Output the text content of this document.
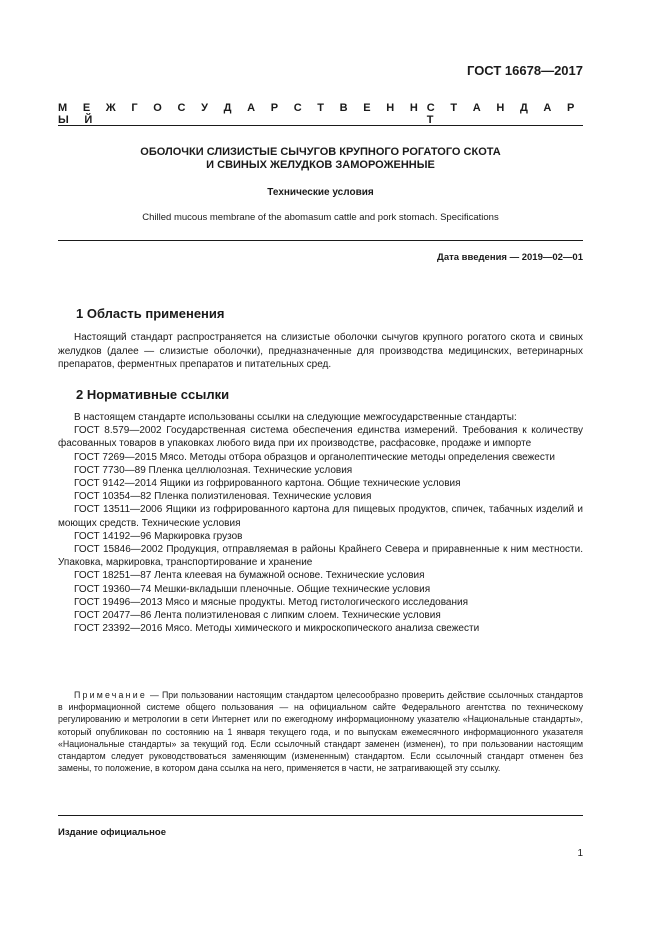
ГОСТ 16678—2017
М Е Ж Г О С У Д А Р С Т В Е Н Н Ы Й
С Т А Н Д А Р Т
ОБОЛОЧКИ СЛИЗИСТЫЕ СЫЧУГОВ КРУПНОГО РОГАТОГО СКОТА
И СВИНЫХ ЖЕЛУДКОВ ЗАМОРОЖЕННЫЕ
Технические условия
Chilled mucous membrane of the abomasum cattle and pork stomach. Specifications
Дата введения — 2019—02—01
1 Область применения
Настоящий стандарт распространяется на слизистые оболочки сычугов крупного рогатого скота и свиных желудков (далее — слизистые оболочки), предназначенные для производства медицинских, ветеринарных препаратов, ферментных препаратов и питательных сред.
2 Нормативные ссылки
В настоящем стандарте использованы ссылки на следующие межгосударственные стандарты:
ГОСТ 8.579—2002 Государственная система обеспечения единства измерений. Требования к количеству фасованных товаров в упаковках любого вида при их производстве, расфасовке, продаже и импорте
ГОСТ 7269—2015 Мясо. Методы отбора образцов и органолептические методы определения свежести
ГОСТ 7730—89 Пленка целлюлозная. Технические условия
ГОСТ 9142—2014 Ящики из гофрированного картона. Общие технические условия
ГОСТ 10354—82 Пленка полиэтиленовая. Технические условия
ГОСТ 13511—2006 Ящики из гофрированного картона для пищевых продуктов, спичек, табачных изделий и моющих средств. Технические условия
ГОСТ 14192—96 Маркировка грузов
ГОСТ 15846—2002 Продукция, отправляемая в районы Крайнего Севера и приравненные к ним местности. Упаковка, маркировка, транспортирование и хранение
ГОСТ 18251—87 Лента клеевая на бумажной основе. Технические условия
ГОСТ 19360—74 Мешки-вкладыши пленочные. Общие технические условия
ГОСТ 19496—2013 Мясо и мясные продукты. Метод гистологического исследования
ГОСТ 20477—86 Лента полиэтиленовая с липким слоем. Технические условия
ГОСТ 23392—2016 Мясо. Методы химического и микроскопического анализа свежести
Примечание — При пользовании настоящим стандартом целесообразно проверить действие ссылочных стандартов в информационной системе общего пользования — на официальном сайте Федерального агентства по техническому регулированию и метрологии в сети Интернет или по ежегодному информационному указателю «Национальные стандарты», который опубликован по состоянию на 1 января текущего года, и по выпускам ежемесячного информационного указателя «Национальные стандарты» за текущий год. Если ссылочный стандарт заменен (изменен), то при пользовании настоящим стандартом следует руководствоваться заменяющим (измененным) стандартом. Если ссылочный стандарт отменен без замены, то положение, в котором дана ссылка на него, применяется в части, не затрагивающей эту ссылку.
Издание официальное
1
